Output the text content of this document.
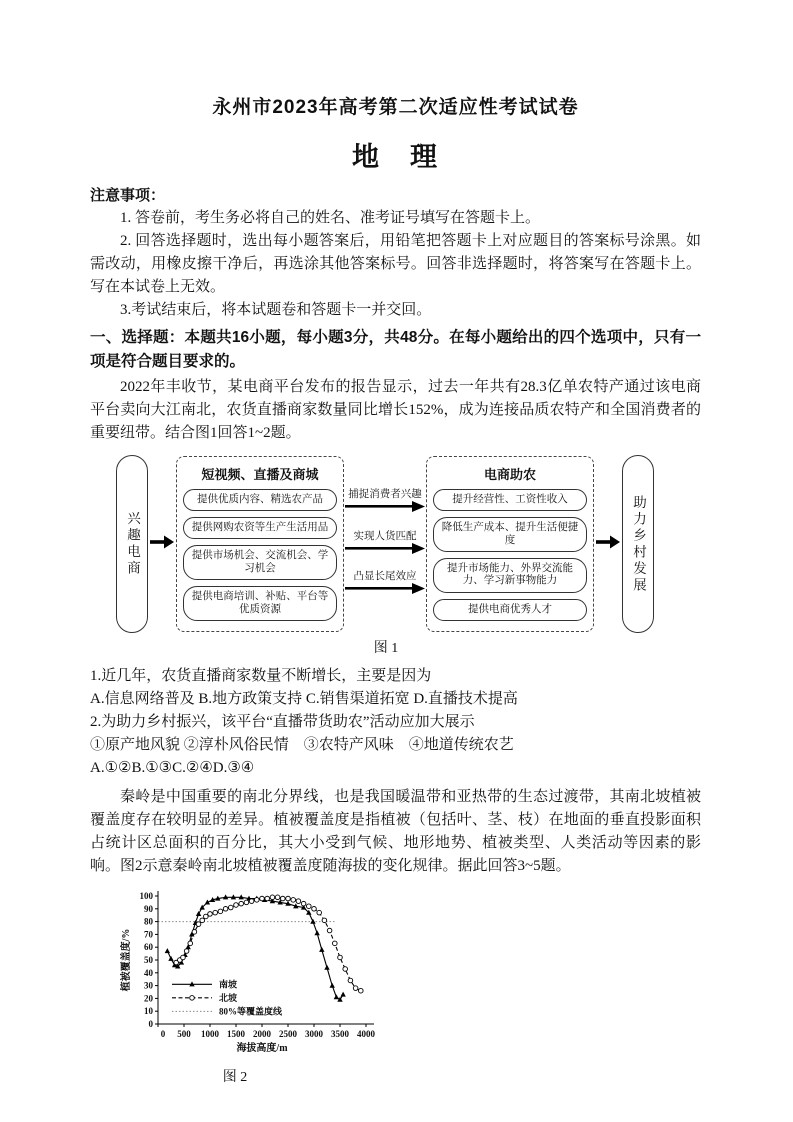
永州市2023年高考第二次适应性考试试卷
地　理
注意事项：

1. 答卷前，考生务必将自己的姓名、准考证号填写在答题卡上。

2. 回答选择题时，选出每小题答案后，用铅笔把答题卡上对应题目的答案标号涂黑。如需改动，用橡皮擦干净后，再选涂其他答案标号。回答非选择题时，将答案写在答题卡上。写在本试卷上无效。

3.考试结束后，将本试题卷和答题卡一并交回。

一、选择题：本题共16小题，每小题3分，共48分。在每小题给出的四个选项中，只有一项是符合题目要求的。

2022年丰收节，某电商平台发布的报告显示，过去一年共有28.3亿单农特产通过该电商平台卖向大江南北，农货直播商家数量同比增长152%，成为连接品质农特产和全国消费者的重要纽带。结合图1回答1~2题。

兴趣电商
短视频、直播及商城
提供优质内容、精选农产品
提供网购农资等生产生活用品
提供市场机会、交流机会、学习机会
提供电商培训、补贴、平台等优质资源
捕捉消费者兴趣
实现人货匹配
凸显长尾效应
电商助农
提升经营性、工资性收入
降低生产成本、提升生活便捷度
提升市场能力、外界交流能力、学习新事物能力
提供电商优秀人才
助力乡村发展
图 1

1.近几年，农货直播商家数量不断增长，主要是因为

A.信息网络普及 B.地方政策支持 C.销售渠道拓宽 D.直播技术提高

2.为助力乡村振兴，该平台“直播带货助农”活动应加大展示

①原产地风貌 ②淳朴风俗民情　③农特产风味　④地道传统农艺

A.①②B.①③C.②④D.③④

秦岭是中国重要的南北分界线，也是我国暖温带和亚热带的生态过渡带，其南北坡植被覆盖度存在较明显的差异。植被覆盖度是指植被（包括叶、茎、枝）在地面的垂直投影面积占统计区总面积的百分比，其大小受到气候、地形地势、植被类型、人类活动等因素的影响。图2示意秦岭南北坡植被覆盖度随海拔的变化规律。据此回答3~5题。

0
10
20
30
40
50
60
70
80
90
100
0 500 1000 1500 2000 2500 3000 3500 4000
南坡
北坡
80%等覆盖度线
海拔高度/m
植被覆盖度/%
图 2
